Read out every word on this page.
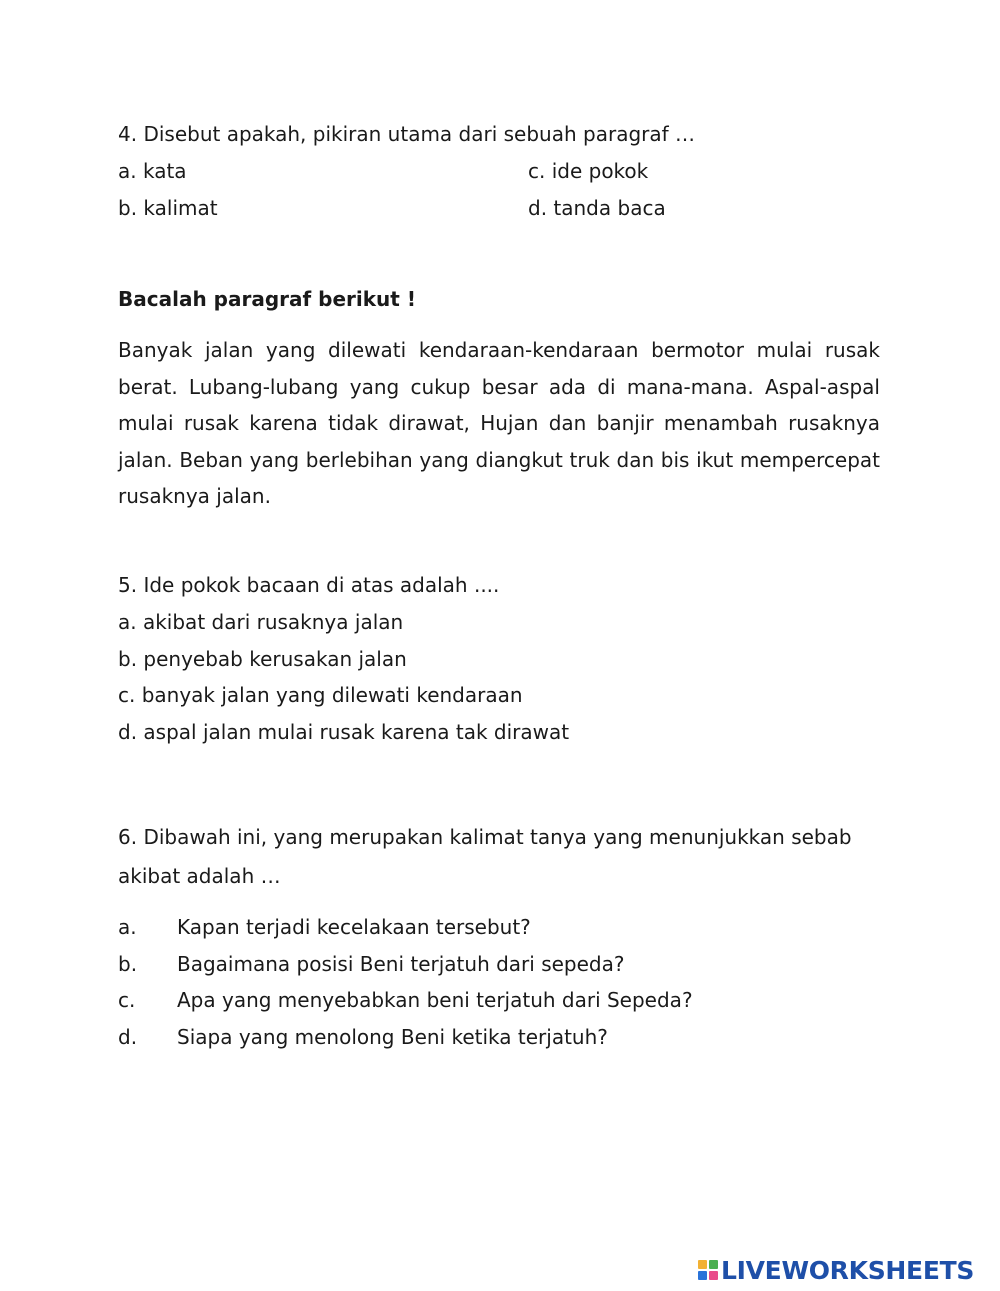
4. Disebut apakah, pikiran utama dari sebuah paragraf …
a. kata	c. ide pokok
b. kalimat	d. tanda baca
Bacalah paragraf berikut !
Banyak jalan yang dilewati kendaraan-kendaraan bermotor mulai rusak berat. Lubang-lubang yang cukup besar ada di mana-mana. Aspal-aspal mulai rusak karena tidak dirawat, Hujan dan banjir menambah rusaknya jalan. Beban yang berlebihan yang diangkut truk dan bis ikut mempercepat rusaknya jalan.
5. Ide pokok bacaan di atas adalah ....
a. akibat dari rusaknya jalan
b. penyebab kerusakan jalan
c. banyak jalan yang dilewati kendaraan
d. aspal jalan mulai rusak karena tak dirawat
6. Dibawah ini, yang merupakan kalimat tanya yang menunjukkan sebab
akibat adalah …
a. Kapan terjadi kecelakaan tersebut?
b. Bagaimana posisi Beni terjatuh dari sepeda?
c. Apa yang menyebabkan beni terjatuh dari Sepeda?
d. Siapa yang menolong Beni ketika terjatuh?
LIVEWORKSHEETS
